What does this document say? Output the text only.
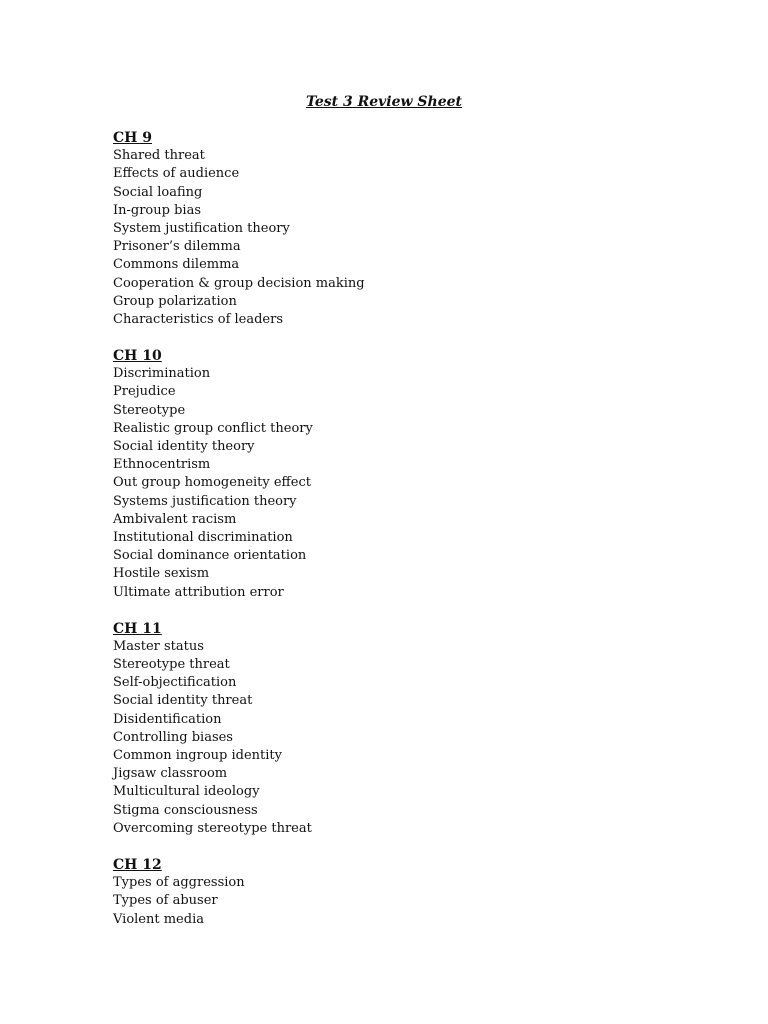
Test 3 Review Sheet
CH 9
Shared threat
Effects of audience
Social loafing
In-group bias
System justification theory
Prisoner’s dilemma
Commons dilemma
Cooperation & group decision making
Group polarization
Characteristics of leaders
CH 10
Discrimination
Prejudice
Stereotype
Realistic group conflict theory
Social identity theory
Ethnocentrism
Out group homogeneity effect
Systems justification theory
Ambivalent racism
Institutional discrimination
Social dominance orientation
Hostile sexism
Ultimate attribution error
CH 11
Master status
Stereotype threat
Self-objectification
Social identity threat
Disidentification
Controlling biases
Common ingroup identity
Jigsaw classroom
Multicultural ideology
Stigma consciousness
Overcoming stereotype threat
CH 12
Types of aggression
Types of abuser
Violent media
